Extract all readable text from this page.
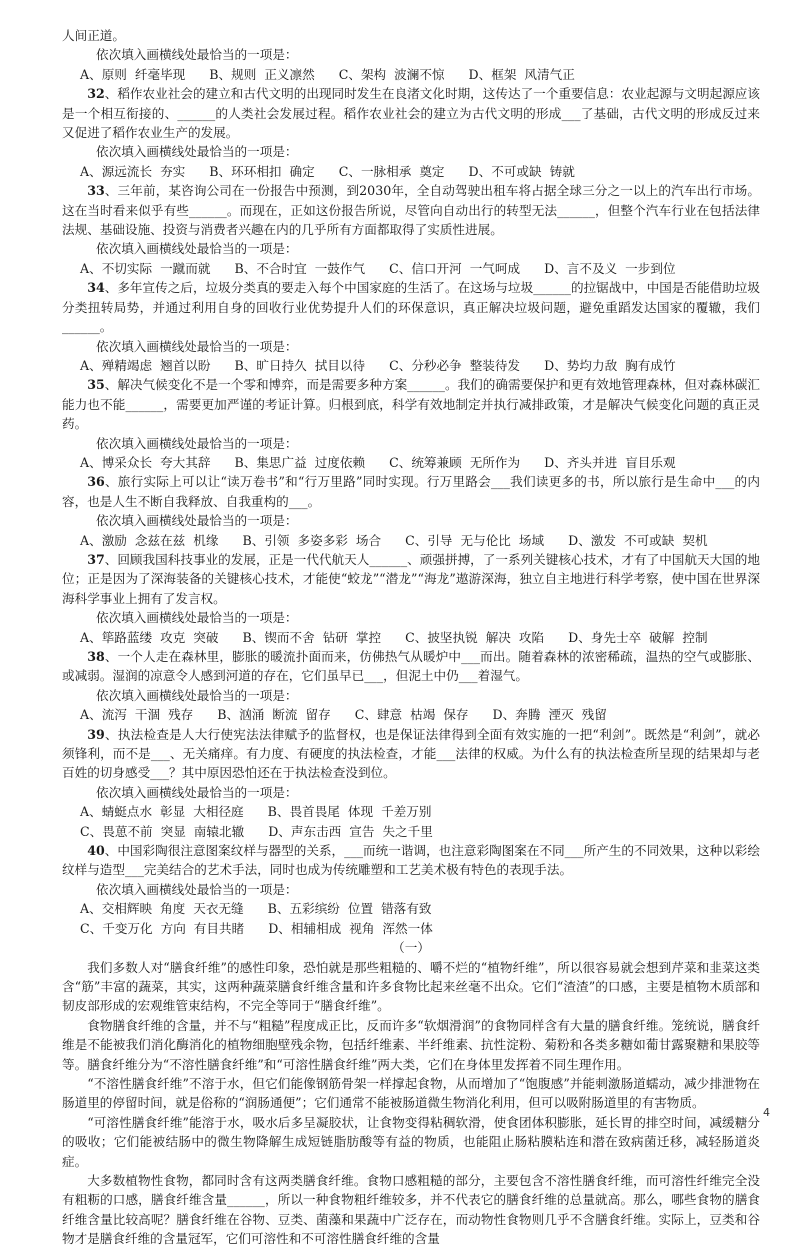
人间正道。

依次填入画横线处最恰当的一项是：

A、原则  纤毫毕现      B、规则  正义凛然      C、架构  波澜不惊      D、框架  风清气正

32、稻作农业社会的建立和古代文明的出现同时发生在良渚文化时期，这传达了一个重要信息：农业起源与文明起源应该是一个相互衔接的、______的人类社会发展过程。稻作农业社会的建立为古代文明的形成___了基础，古代文明的形成反过来又促进了稻作农业生产的发展。

依次填入画横线处最恰当的一项是：

A、源远流长  夯实      B、环环相扣  确定      C、一脉相承  奠定      D、不可或缺  铸就

33、三年前，某咨询公司在一份报告中预测，到2030年，全自动驾驶出租车将占据全球三分之一以上的汽车出行市场。这在当时看来似乎有些______。而现在，正如这份报告所说，尽管向自动出行的转型无法______，但整个汽车行业在包括法律法规、基础设施、投资与消费者兴趣在内的几乎所有方面都取得了实质性进展。

依次填入画横线处最恰当的一项是：

A、不切实际  一蹴而就      B、不合时宜  一鼓作气      C、信口开河  一气呵成      D、言不及义  一步到位

34、多年宣传之后，垃圾分类真的要走入每个中国家庭的生活了。在这场与垃圾______的拉锯战中，中国是否能借助垃圾分类扭转局势，并通过利用自身的回收行业优势提升人们的环保意识，真正解决垃圾问题，避免重蹈发达国家的覆辙，我们______。

依次填入画横线处最恰当的一项是：

A、殚精竭虑  翘首以盼      B、旷日持久  拭目以待      C、分秒必争  整装待发      D、势均力敌  胸有成竹

35、解决气候变化不是一个零和博弈，而是需要多种方案______。我们的确需要保护和更有效地管理森林，但对森林碳汇能力也不能______，需要更加严谨的考证计算。归根到底，科学有效地制定并执行减排政策，才是解决气候变化问题的真正灵药。

依次填入画横线处最恰当的一项是：

A、博采众长  夸大其辞      B、集思广益  过度依赖      C、统筹兼顾  无所作为      D、齐头并进  盲目乐观

36、旅行实际上可以让“读万卷书”和“行万里路”同时实现。行万里路会___我们读更多的书，所以旅行是生命中___的内容，也是人生不断自我释放、自我重构的___。

依次填入画横线处最恰当的一项是：

A、激励  念兹在兹  机缘      B、引领  多姿多彩  场合      C、引导  无与伦比  场域      D、激发  不可或缺  契机

37、回顾我国科技事业的发展，正是一代代航天人______、顽强拼搏，了一系列关键核心技术，才有了中国航天大国的地位；正是因为了深海装备的关键核心技术，才能使“蛟龙”“潜龙”“海龙”遨游深海，独立自主地进行科学考察，使中国在世界深海科学事业上拥有了发言权。

依次填入画横线处最恰当的一项是：

A、筚路蓝缕  攻克  突破      B、锲而不舍  钻研  掌控      C、披坚执锐  解决  攻陷      D、身先士卒  破解  控制

38、一个人走在森林里，膨胀的暖流扑面而来，仿佛热气从暖炉中___而出。随着森林的浓密稀疏，温热的空气或膨胀、或减弱。湿润的凉意令人感到河道的存在，它们虽早已___，但泥土中仍___着湿气。

依次填入画横线处最恰当的一项是：

A、流泻  干涸  残存      B、汹涌  断流  留存      C、肆意  枯竭  保存      D、奔腾  湮灭  残留

39、执法检查是人大行使宪法法律赋予的监督权，也是保证法律得到全面有效实施的一把“利剑”。既然是“利剑”，就必须锋利，而不是___、无关痛痒。有力度、有硬度的执法检查，才能___法律的权威。为什么有的执法检查所呈现的结果却与老百姓的切身感受___？其中原因恐怕还在于执法检查没到位。

依次填入画横线处最恰当的一项是：

A、蜻蜓点水  彰显  大相径庭      B、畏首畏尾  体现  千差万别

C、畏葸不前  突显  南辕北辙      D、声东击西  宣告  失之千里

40、中国彩陶很注意图案纹样与器型的关系，___而统一谐调，也注意彩陶图案在不同___所产生的不同效果，这种以彩绘纹样与造型___完美结合的艺术手法，同时也成为传统雕塑和工艺美术极有特色的表现手法。

依次填入画横线处最恰当的一项是：

A、交相辉映  角度  天衣无缝      B、五彩缤纷  位置  错落有致

C、千变万化  方向  有目共睹      D、相辅相成  视角  浑然一体

（一）

我们多数人对“膳食纤维”的感性印象，恐怕就是那些粗糙的、嚼不烂的“植物纤维”，所以很容易就会想到芹菜和韭菜这类含“筋”丰富的蔬菜，其实，这两种蔬菜膳食纤维含量和许多食物比起来丝毫不出众。它们“渣渣”的口感，主要是植物木质部和韧皮部形成的宏观维管束结构，不完全等同于“膳食纤维”。

食物膳食纤维的含量，并不与“粗糙”程度成正比，反而许多“软烟滑润”的食物同样含有大量的膳食纤维。笼统说，膳食纤维是不能被我们消化酶消化的植物细胞壁残余物，包括纤维素、半纤维素、抗性淀粉、菊粉和各类多糖如葡甘露聚糖和果胶等等。膳食纤维分为“不溶性膳食纤维”和“可溶性膳食纤维”两大类，它们在身体里发挥着不同生理作用。

“不溶性膳食纤维”不溶于水，但它们能像钢筋骨架一样撑起食物，从而增加了“饱腹感”并能刺激肠道蠕动，减少排泄物在肠道里的停留时间，就是俗称的“润肠通便”；它们通常不能被肠道微生物消化利用，但可以吸附肠道里的有害物质。

“可溶性膳食纤维”能溶于水，吸水后多呈凝胶状，让食物变得粘稠软滑，使食团体积膨胀，延长胃的排空时间，减缓糖分的吸收；它们能被结肠中的微生物降解生成短链脂肪酸等有益的物质，也能阻止肠粘膜粘连和潜在致病菌迁移，减轻肠道炎症。

大多数植物性食物，都同时含有这两类膳食纤维。食物口感粗糙的部分，主要包含不溶性膳食纤维，而可溶性纤维完全没有粗粝的口感，膳食纤维含量______，所以一种食物粗纤维较多，并不代表它的膳食纤维的总量就高。那么，哪些食物的膳食纤维含量比较高呢？膳食纤维在谷物、豆类、菌藻和果蔬中广泛存在，而动物性食物则几乎不含膳食纤维。实际上，豆类和谷物才是膳食纤维的含量冠军，它们可溶性和不可溶性膳食纤维的含量

4
